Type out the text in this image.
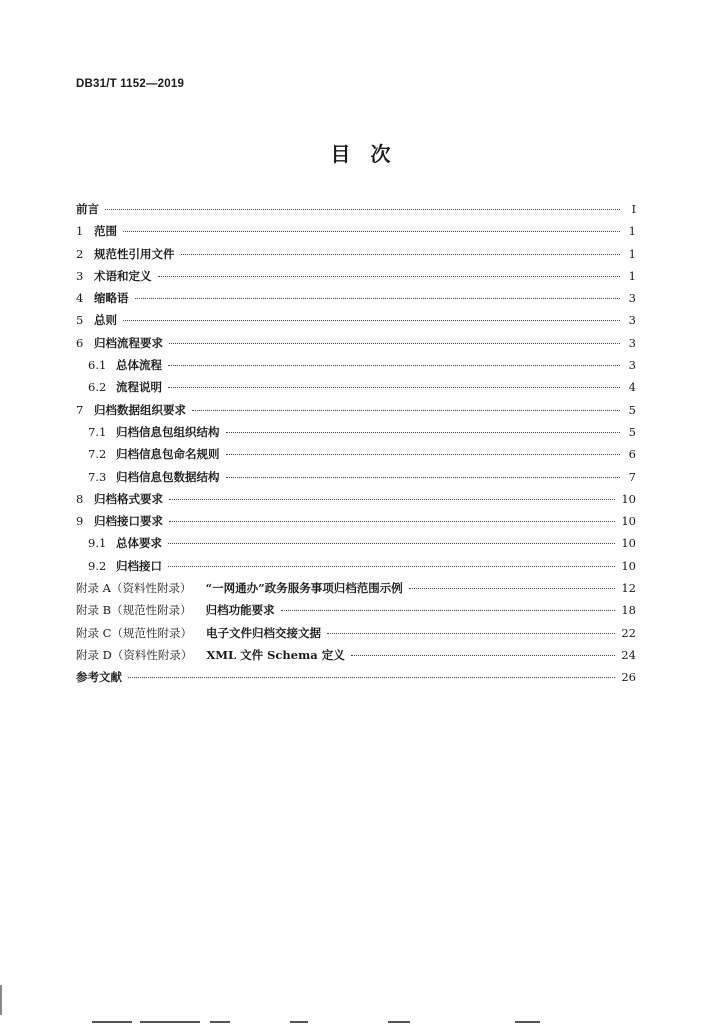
DB31/T 1152—2019
目　次
前言	I
1 范围	1
2 规范性引用文件	1
3 术语和定义	1
4 缩略语	3
5 总则	3
6 归档流程要求	3
6.1 总体流程	3
6.2 流程说明	4
7 归档数据组织要求	5
7.1 归档信息包组织结构	5
7.2 归档信息包命名规则	6
7.3 归档信息包数据结构	7
8 归档格式要求	10
9 归档接口要求	10
9.1 总体要求	10
9.2 归档接口	10
附录 A（资料性附录） “一网通办”政务服务事项归档范围示例	12
附录 B（规范性附录） 归档功能要求	18
附录 C（规范性附录） 电子文件归档交接文据	22
附录 D（资料性附录） XML 文件 Schema 定义	24
参考文献	26
